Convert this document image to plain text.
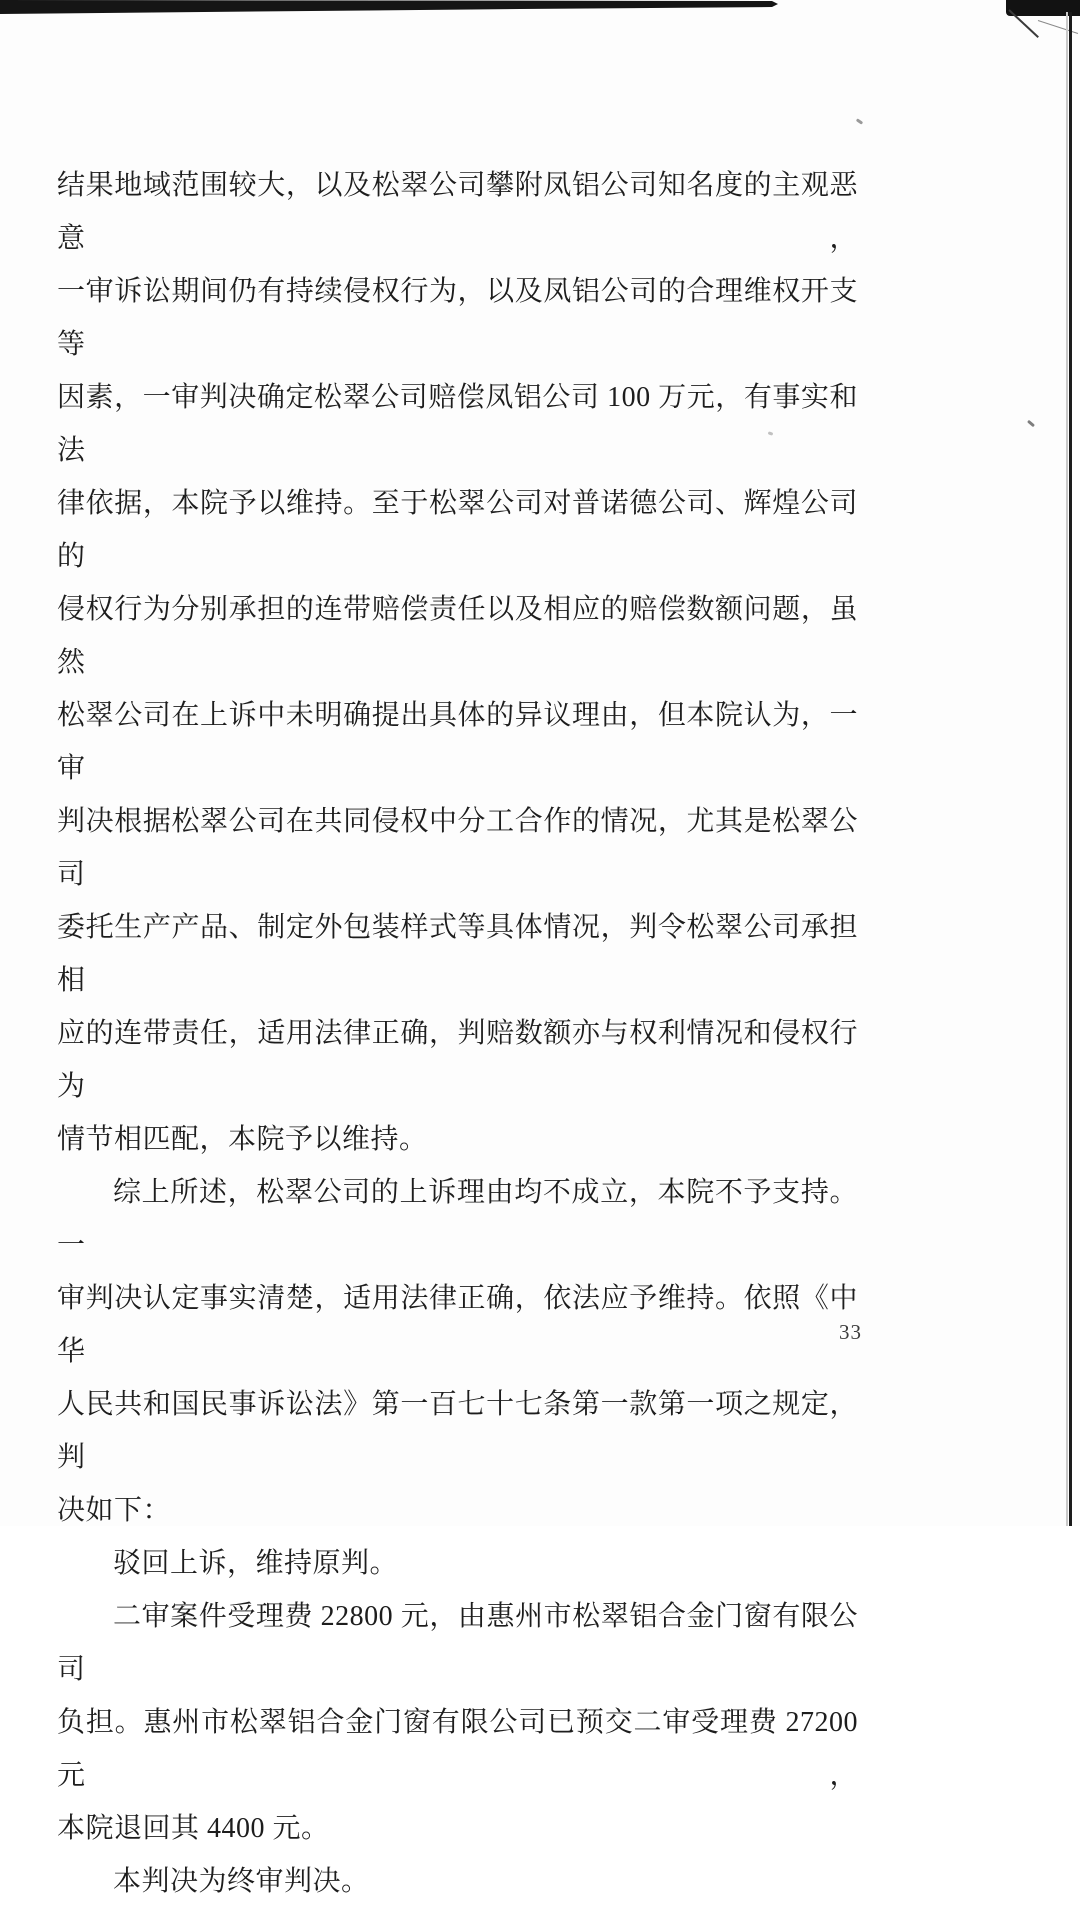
结果地域范围较大，以及松翠公司攀附凤铝公司知名度的主观恶意，
一审诉讼期间仍有持续侵权行为，以及凤铝公司的合理维权开支等
因素，一审判决确定松翠公司赔偿凤铝公司 100 万元，有事实和法
律依据，本院予以维持。至于松翠公司对普诺德公司、辉煌公司的
侵权行为分别承担的连带赔偿责任以及相应的赔偿数额问题，虽然
松翠公司在上诉中未明确提出具体的异议理由，但本院认为，一审
判决根据松翠公司在共同侵权中分工合作的情况，尤其是松翠公司
委托生产产品、制定外包装样式等具体情况，判令松翠公司承担相
应的连带责任，适用法律正确，判赔数额亦与权利情况和侵权行为
情节相匹配，本院予以维持。
综上所述，松翠公司的上诉理由均不成立，本院不予支持。一
审判决认定事实清楚，适用法律正确，依法应予维持。依照《中华
人民共和国民事诉讼法》第一百七十七条第一款第一项之规定，判
决如下：
驳回上诉，维持原判。
二审案件受理费 22800 元，由惠州市松翠铝合金门窗有限公司
负担。惠州市松翠铝合金门窗有限公司已预交二审受理费 27200 元，
本院退回其 4400 元。
本判决为终审判决。
33
